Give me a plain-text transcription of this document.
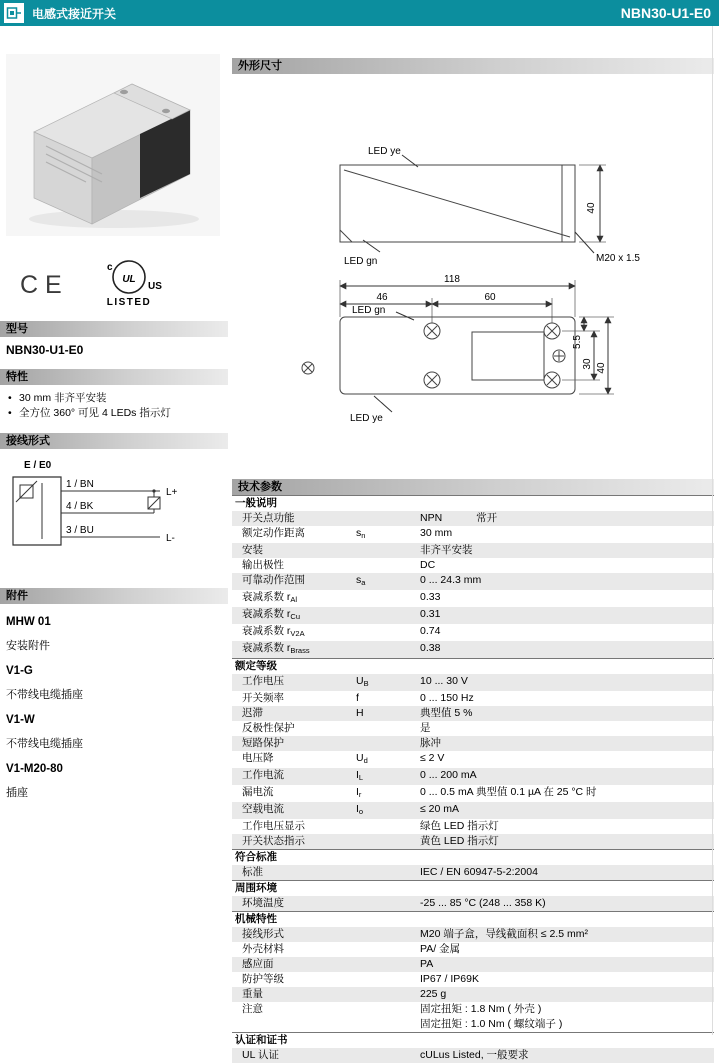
电感式接近开关	NBN30-U1-E0
CE	UL
c
US
LISTED
型号
NBN30-U1-E0
特性
• 30 mm 非齐平安装
• 全方位 360° 可见 4 LEDs 指示灯
接线形式
E / E0
1 / BN
4 / BK
3 / BU
L+
L-
附件
MHW 01
安装附件
V1-G
不带线电缆插座
V1-W
不带线电缆插座
V1-M20-80
插座
外形尺寸
LED ye
LED gn
40
M20 x 1.5
118
46	60
LED gn
LED ye
5.5
30 40
技术参数
一般说明
开关点功能	NPN	常开
额定动作距离	$s_n$	30 mm
安装	非齐平安装
输出极性	DC
可靠动作范围	$s_a$	0 ... 24.3 mm
衰减系数 $r_{Al}$	0.33
衰减系数 $r_{Cu}$	0.31
衰减系数 $r_{V2A}$	0.74
衰减系数 $r_{Brass}$	0.38
额定等级
工作电压	$U_B$	10 ... 30 V
开关频率	f	0 ... 150 Hz
迟滞	H	典型值 5 %
反极性保护	是
短路保护	脉冲
电压降	$U_d$	≤ 2 V
工作电流	$I_L$	0 ... 200 mA
漏电流	$I_r$	0 ... 0.5 mA 典型值 0.1 µA 在 25 °C 时
空载电流	$I_o$	≤ 20 mA
工作电压显示	绿色 LED 指示灯
开关状态指示	黄色 LED 指示灯
符合标准
标准	IEC / EN 60947-5-2:2004
周围环境
环境温度	-25 ... 85 °C (248 ... 358 K)
机械特性
接线形式	M20 端子盒，导线截面积 ≤ 2.5 mm²
外壳材料	PA/ 金属
感应面	PA
防护等级	IP67 / IP69K
重量	225 g
注意	固定扭矩 : 1.8 Nm ( 外壳 )
固定扭矩 : 1.0 Nm ( 螺纹端子 )
认证和证书
UL 认证	cULus Listed, 一般要求
